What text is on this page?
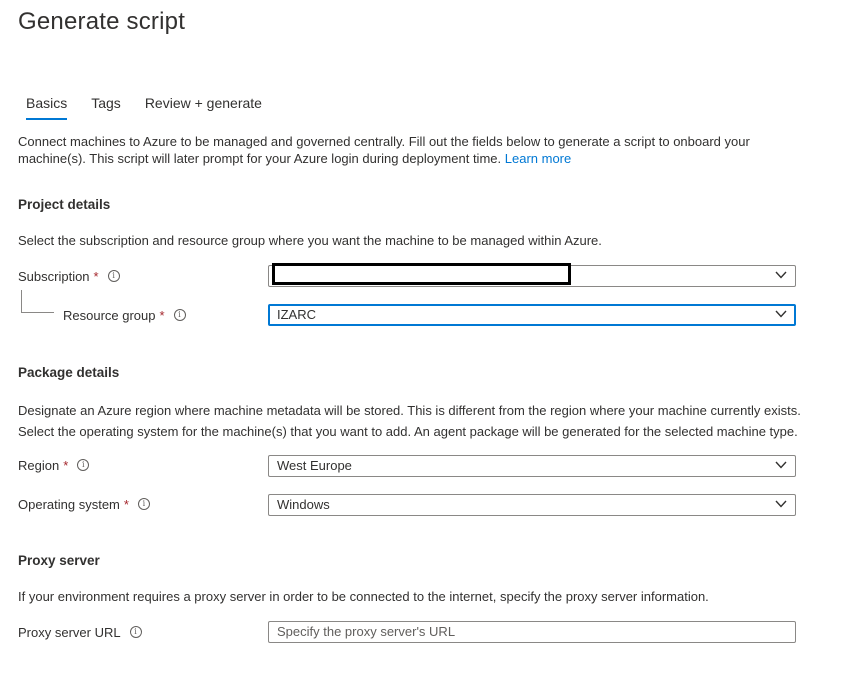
Generate script
Basics	Tags	Review + generate
Connect machines to Azure to be managed and governed centrally. Fill out the fields below to generate a script to onboard your machine(s). This script will later prompt for your Azure login during deployment time. Learn more
Project details
Select the subscription and resource group where you want the machine to be managed within Azure.
Subscription *	i
Resource group *	i	IZARC
Package details
Designate an Azure region where machine metadata will be stored. This is different from the region where your machine currently exists.
Select the operating system for the machine(s) that you want to add. An agent package will be generated for the selected machine type.
Region *	i	West Europe
Operating system *	i	Windows
Proxy server
If your environment requires a proxy server in order to be connected to the internet, specify the proxy server information.
Proxy server URL	i	Specify the proxy server's URL
